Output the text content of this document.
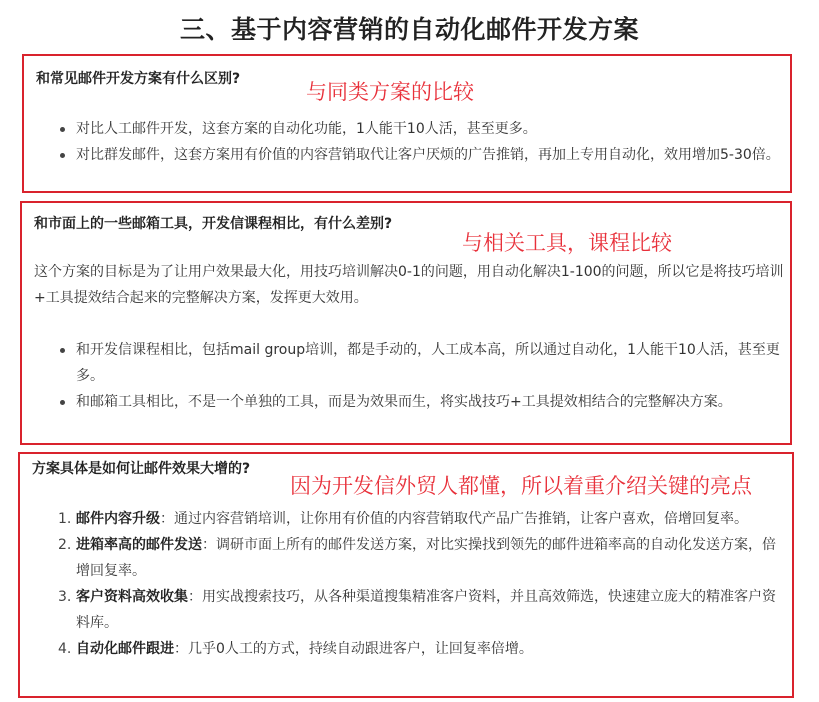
三、基于内容营销的自动化邮件开发方案
和常见邮件开发方案有什么区别?
与同类方案的比较
对比人工邮件开发，这套方案的自动化功能，1人能干10人活，甚至更多。
对比群发邮件，这套方案用有价值的内容营销取代让客户厌烦的广告推销，再加上专用自动化，效用增加5-30倍。
和市面上的一些邮箱工具，开发信课程相比，有什么差别?
与相关工具，课程比较
这个方案的目标是为了让用户效果最大化，用技巧培训解决0-1的问题，用自动化解决1-100的问题，所以它是将技巧培训+工具提效结合起来的完整解决方案，发挥更大效用。
和开发信课程相比，包括mail group培训，都是手动的，人工成本高，所以通过自动化，1人能干10人活，甚至更多。
和邮箱工具相比，不是一个单独的工具，而是为效果而生，将实战技巧+工具提效相结合的完整解决方案。
方案具体是如何让邮件效果大增的?
因为开发信外贸人都懂，所以着重介绍关键的亮点
1. 邮件内容升级：通过内容营销培训，让你用有价值的内容营销取代产品广告推销，让客户喜欢，倍增回复率。
2. 进箱率高的邮件发送：调研市面上所有的邮件发送方案，对比实操找到领先的邮件进箱率高的自动化发送方案，倍增回复率。
3. 客户资料高效收集：用实战搜索技巧，从各种渠道搜集精准客户资料，并且高效筛选，快速建立庞大的精准客户资料库。
4. 自动化邮件跟进：几乎0人工的方式，持续自动跟进客户，让回复率倍增。
